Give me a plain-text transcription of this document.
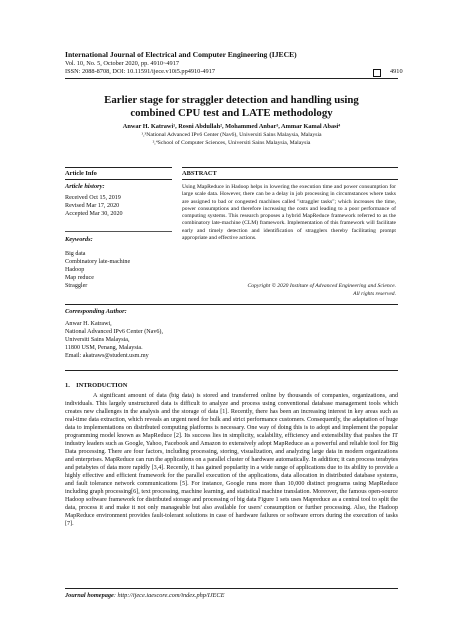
International Journal of Electrical and Computer Engineering (IJECE)
Vol. 10, No. 5, October 2020, pp. 4910~4917
ISSN: 2088-8708, DOI: 10.11591/ijece.v10i5.pp4910-4917	4910
Earlier stage for straggler detection and handling using
combined CPU test and LATE methodology
Anwar H. Katrawi¹, Rosni Abdullah², Mohammed Anbar³, Ammar Kamal Abasi⁴
¹,³National Advanced IPv6 Center (Nav6), Universiti Sains Malaysia, Malaysia
²,⁴School of Computer Sciences, Universiti Sains Malaysia, Malaysia
Article Info
Article history:
Received Oct 15, 2019
Revised Mar 17, 2020
Accepted Mar 30, 2020
Keywords:
Big data
Combinatory late-machine
Hadoop
Map reduce
Straggler
ABSTRACT
Using MapReduce in Hadoop helps in lowering the execution time and power consumption for large scale data. However, there can be a delay in job processing in circumstances where tasks are assigned to bad or congested machines called "straggler tasks"; which increases the time, power consumptions and therefore increasing the costs and leading to a poor performance of computing systems. This research proposes a hybrid MapReduce framework referred to as the combinatory late-machine (CLM) framework. Implementation of this framework will facilitate early and timely detection and identification of stragglers thereby facilitating prompt appropriate and effective actions.
Copyright © 2020 Institute of Advanced Engineering and Science.
All rights reserved.
Corresponding Author:
Anwar H. Katrawi,
National Advanced IPv6 Center (Nav6),
Universiti Sains Malaysia,
11800 USM, Penang, Malaysia.
Email: akatraws@student.usm.my
1.    INTRODUCTION

A significant amount of data (big data) is stored and transferred online by thousands of companies, organizations, and individuals. This largely unstructured data is difficult to analyze and process using conventional database management tools which creates new challenges in the analysis and the storage of data [1]. Recently, there has been an increasing interest in key areas such as real-time data extraction, which reveals an urgent need for bulk and strict performance customers. Consequently, the adaptation of huge data to implementations on distributed computing platforms is necessary. One way of doing this is to adopt and implement the popular programming model known as MapReduce [2]. Its success lies in simplicity, scalability, efficiency and extensibility that pushes the IT industry leaders such as Google, Yahoo, Facebook and Amazon to extensively adopt MapReduce as a powerful and reliable tool for Big Data processing. There are four factors, including processing, storing, visualization, and analyzing large data in modern organizations and enterprises. MapReduce can run the applications on a parallel cluster of hardware automatically. In addition; it can process terabytes and petabytes of data more rapidly [3,4]. Recently, it has gained popularity in a wide range of applications due to its ability to provide a highly effective and efficient framework for the parallel execution of the applications, data allocation in distributed database systems, and fault tolerance network communications [5]. For instance, Google runs more than 10,000 distinct programs using MapReduce including graph processing[6], text processing, machine learning, and statistical machine translation. Moreover, the famous open-source Hadoop software framework for distributed storage and processing of big data Figure 1 sets uses Mapreduce as a central tool to split the data, process it and make it not only manageable but also available for users' consumption or further processing. Also, the Hadoop MapReduce environment provides fault-tolerant solutions in case of hardware failures or software errors during the execution of tasks [7].

Journal homepage: http://ijece.iaescore.com/index.php/IJECE
